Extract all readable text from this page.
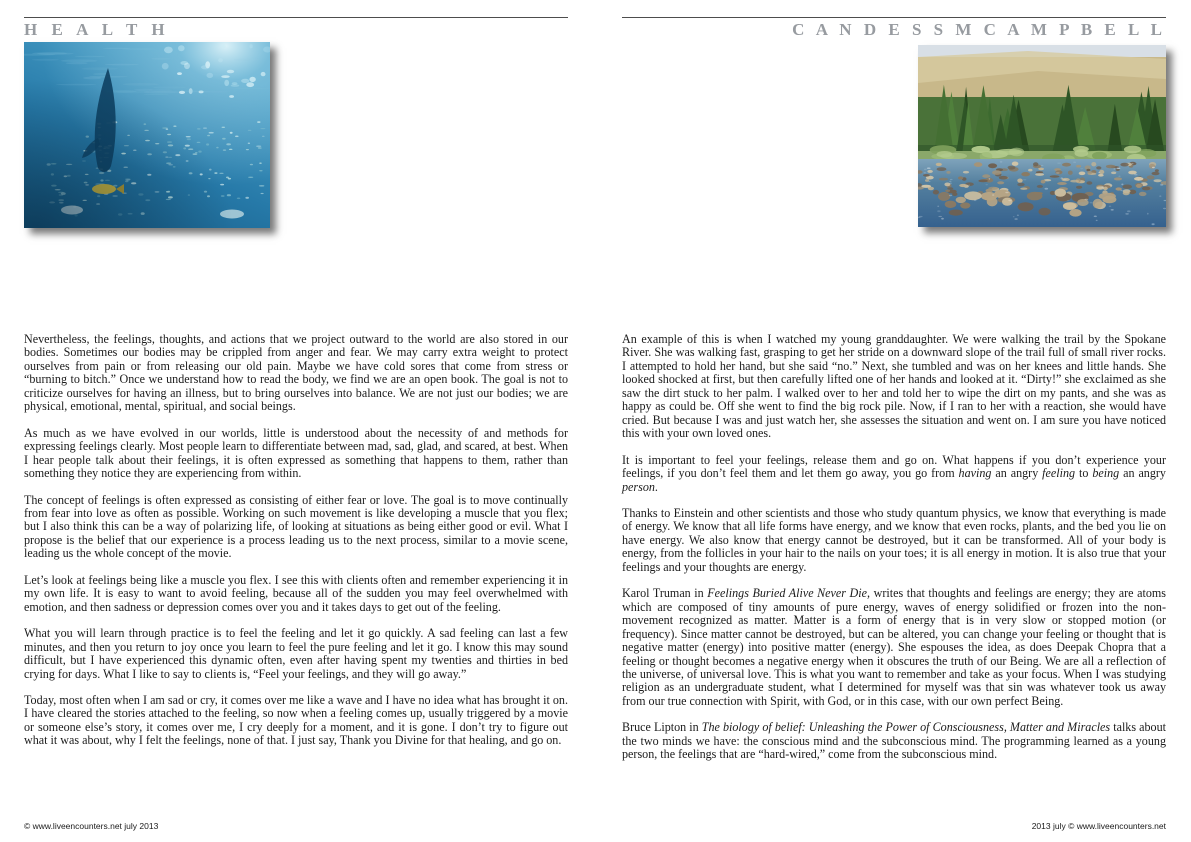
H E A L T H

Nevertheless, the feelings, thoughts, and actions that we project outward to the world are also stored in our bodies. Sometimes our bodies may be crippled from anger and fear. We may carry extra weight to protect ourselves from pain or from releasing our old pain. Maybe we have cold sores that come from stress or “burning to bitch.” Once we understand how to read the body, we find we are an open book. The goal is not to criticize ourselves for having an illness, but to bring ourselves into balance. We are not just our bodies; we are physical, emotional, mental, spiritual, and social beings.

As much as we have evolved in our worlds, little is understood about the necessity of and methods for expressing feelings clearly. Most people learn to differentiate between mad, sad, glad, and scared, at best. When I hear people talk about their feelings, it is often expressed as something that happens to them, rather than something they notice they are experiencing from within.

The concept of feelings is often expressed as consisting of either fear or love. The goal is to move continually from fear into love as often as possible. Working on such movement is like developing a muscle that you flex; but I also think this can be a way of polarizing life, of looking at situations as being either good or evil. What I propose is the belief that our experience is a process leading us to the next process, similar to a movie scene, leading us the whole concept of the movie.

Let’s look at feelings being like a muscle you flex. I see this with clients often and remember experiencing it in my own life. It is easy to want to avoid feeling, because all of the sudden you may feel overwhelmed with emotion, and then sadness or depression comes over you and it takes days to get out of the feeling.

What you will learn through practice is to feel the feeling and let it go quickly. A sad feeling can last a few minutes, and then you return to joy once you learn to feel the pure feeling and let it go. I know this may sound difficult, but I have experienced this dynamic often, even after having spent my twenties and thirties in bed crying for days. What I like to say to clients is, “Feel your feelings, and they will go away.”

Today, most often when I am sad or cry, it comes over me like a wave and I have no idea what has brought it on. I have cleared the stories attached to the feeling, so now when a feeling comes up, usually triggered by a movie or someone else’s story, it comes over me, I cry deeply for a moment, and it is gone. I don’t try to figure out what it was about, why I felt the feelings, none of that. I just say, Thank you Divine for that healing, and go on.

© www.liveencounters.net july 2013
C A N D E S S M C A M P B E L L

An example of this is when I watched my young granddaughter. We were walking the trail by the Spokane River. She was walking fast, grasping to get her stride on a downward slope of the trail full of small river rocks. I attempted to hold her hand, but she said “no.” Next, she tumbled and was on her knees and little hands. She looked shocked at first, but then carefully lifted one of her hands and looked at it. “Dirty!” she exclaimed as she saw the dirt stuck to her palm. I walked over to her and told her to wipe the dirt on my pants, and she was as happy as could be. Off she went to find the big rock pile. Now, if I ran to her with a reaction, she would have cried. But because I was and just watch her, she assesses the situation and went on. I am sure you have noticed this with your own loved ones.

It is important to feel your feelings, release them and go on. What happens if you don’t experience your feelings, if you don’t feel them and let them go away, you go from having an angry feeling to being an angry person.

Thanks to Einstein and other scientists and those who study quantum physics, we know that everything is made of energy. We know that all life forms have energy, and we know that even rocks, plants, and the bed you lie on have energy. We also know that energy cannot be destroyed, but it can be transformed. All of your body is energy, from the follicles in your hair to the nails on your toes; it is all energy in motion. It is also true that your feelings and your thoughts are energy.

Karol Truman in Feelings Buried Alive Never Die, writes that thoughts and feelings are energy; they are atoms which are composed of tiny amounts of pure energy, waves of energy solidified or frozen into the non-movement recognized as matter. Matter is a form of energy that is in very slow or stopped motion (or frequency). Since matter cannot be destroyed, but can be altered, you can change your feeling or thought that is negative matter (energy) into positive matter (energy). She espouses the idea, as does Deepak Chopra that a feeling or thought becomes a negative energy when it obscures the truth of our Being. We are all a reflection of the universe, of universal love. This is what you want to remember and take as your focus. When I was studying religion as an undergraduate student, what I determined for myself was that sin was whatever took us away from our true connection with Spirit, with God, or in this case, with our own perfect Being.

Bruce Lipton in The biology of belief: Unleashing the Power of Consciousness, Matter and Miracles talks about the two minds we have: the conscious mind and the subconscious mind. The programming learned as a young person, the feelings that are “hard-wired,” come from the subconscious mind.

2013 july © www.liveencounters.net
